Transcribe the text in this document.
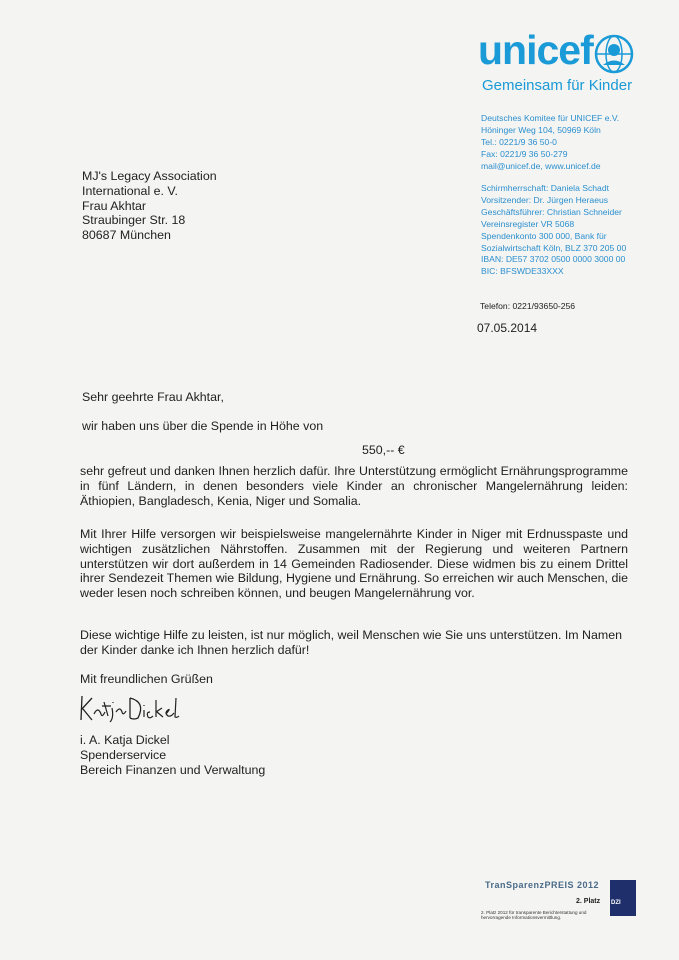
unicef
Gemeinsam für Kinder
Deutsches Komitee für UNICEF e.V.
Höninger Weg 104, 50969 Köln
Tel.: 0221/9 36 50-0
Fax: 0221/9 36 50-279
mail@unicef.de, www.unicef.de
Schirmherrschaft: Daniela Schadt
Vorsitzender: Dr. Jürgen Heraeus
Geschäftsführer: Christian Schneider
Vereinsregister VR 5068
Spendenkonto 300 000, Bank für
Sozialwirtschaft Köln, BLZ 370 205 00
IBAN: DE57 3702 0500 0000 3000 00
BIC: BFSWDE33XXX
Telefon: 0221/93650-256
07.05.2014
MJ's Legacy Association
International e. V.
Frau Akhtar
Straubinger Str. 18
80687 München
Sehr geehrte Frau Akhtar,
wir haben uns über die Spende in Höhe von
550,-- €
sehr gefreut und danken Ihnen herzlich dafür. Ihre Unterstützung ermöglicht Ernährungsprogramme in fünf Ländern, in denen besonders viele Kinder an chronischer Mangelernährung leiden: Äthiopien, Bangladesch, Kenia, Niger und Somalia.
Mit Ihrer Hilfe versorgen wir beispielsweise mangelernährte Kinder in Niger mit Erdnusspaste und wichtigen zusätzlichen Nährstoffen. Zusammen mit der Regierung und weiteren Partnern unterstützen wir dort außerdem in 14 Gemeinden Radiosender. Diese widmen bis zu einem Drittel ihrer Sendezeit Themen wie Bildung, Hygiene und Ernährung. So erreichen wir auch Menschen, die weder lesen noch schreiben können, und beugen Mangelernährung vor.
Diese wichtige Hilfe zu leisten, ist nur möglich, weil Menschen wie Sie uns unterstützen. Im Namen der Kinder danke ich Ihnen herzlich dafür!
Mit freundlichen Grüßen
i. A. Katja Dickel
Spenderservice
Bereich Finanzen und Verwaltung
TranSparenzPREIS 2012
2. Platz
2. Platz 2012 für transparente Berichterstattung und hervorragende Informationsvermittlung.
DZI
